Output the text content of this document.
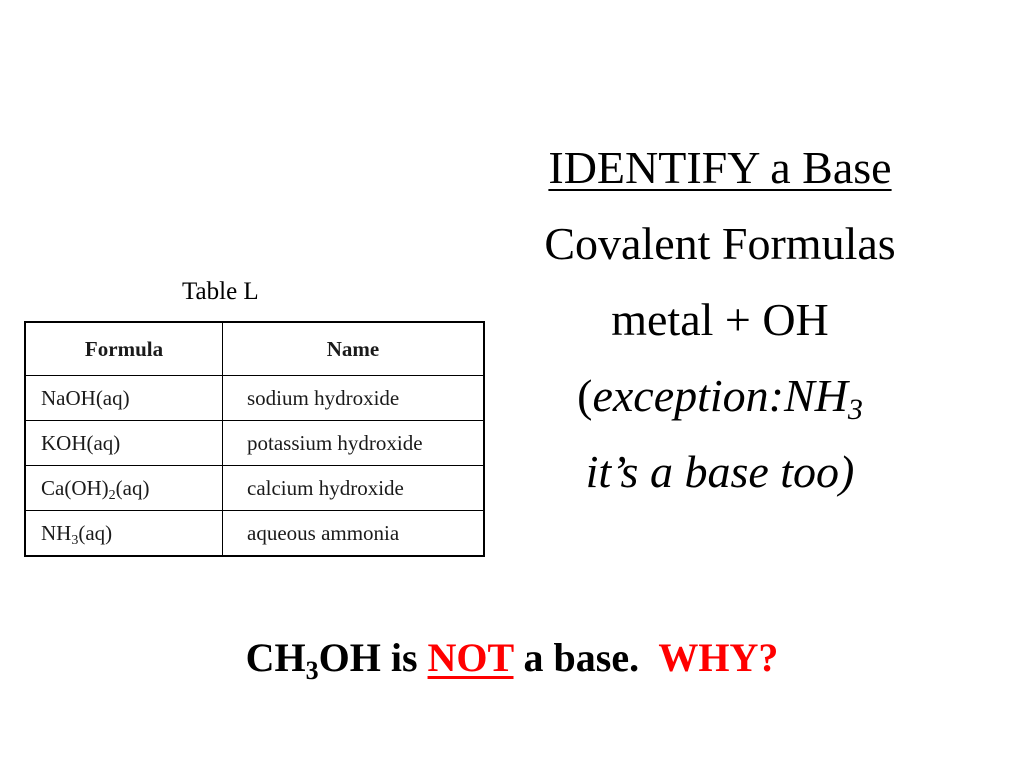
Table L
Formula	Name
NaOH(aq)	sodium hydroxide
KOH(aq)	potassium hydroxide
$Ca(OH)_2(aq)$	calcium hydroxide
$NH_3(aq)$	aqueous ammonia
IDENTIFY a Base
Covalent Formulas
metal + OH
($exception:NH_3$
it’s a base too)
$CH_3OH$ is NOT a base.  WHY?
